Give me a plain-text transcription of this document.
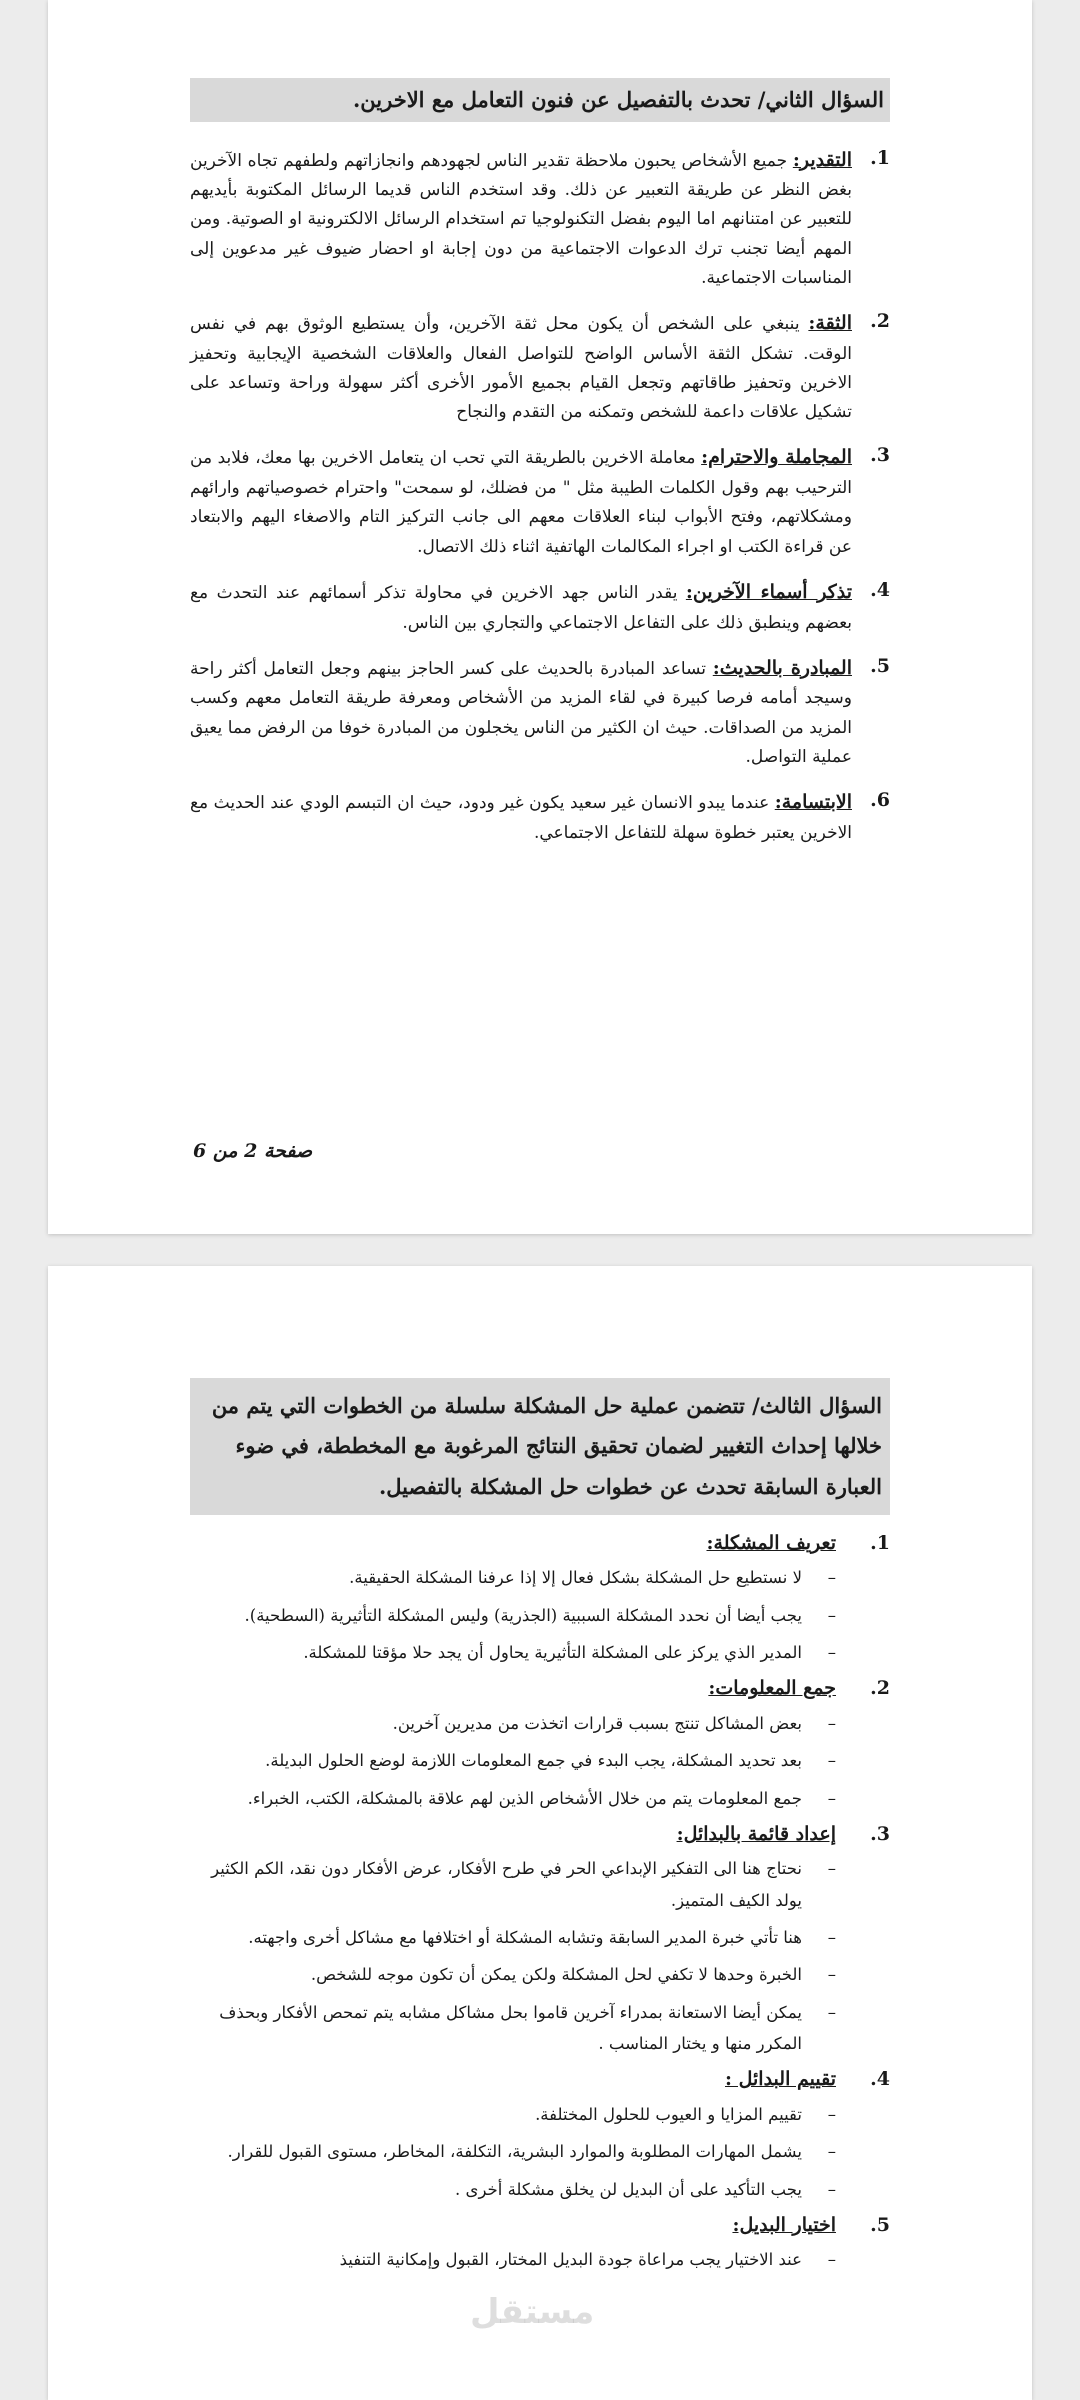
السؤال الثاني/ تحدث بالتفصيل عن فنون التعامل مع الاخرين.
1.
التقدير: جميع الأشخاص يحبون ملاحظة تقدير الناس لجهودهم وانجازاتهم ولطفهم تجاه الآخرين بغض النظر عن طريقة التعبير عن ذلك. وقد استخدم الناس قديما الرسائل المكتوبة بأيديهم للتعبير عن امتنانهم اما اليوم بفضل التكنولوجيا تم استخدام الرسائل الالكترونية او الصوتية. ومن المهم أيضا تجنب ترك الدعوات الاجتماعية من دون إجابة او احضار ضيوف غير مدعوين إلى المناسبات الاجتماعية.
2.
الثقة: ينبغي على الشخص أن يكون محل ثقة الآخرين، وأن يستطيع الوثوق بهم في نفس الوقت. تشكل الثقة الأساس الواضح للتواصل الفعال والعلاقات الشخصية الإيجابية وتحفيز الاخرين وتحفيز طاقاتهم وتجعل القيام بجميع الأمور الأخرى أكثر سهولة وراحة وتساعد على تشكيل علاقات داعمة للشخص وتمكنه من التقدم والنجاح
3.
المجاملة والاحترام: معاملة الاخرين بالطريقة التي تحب ان يتعامل الاخرين بها معك، فلابد من الترحيب بهم وقول الكلمات الطيبة مثل " من فضلك، لو سمحت" واحترام خصوصياتهم وارائهم ومشكلاتهم، وفتح الأبواب لبناء العلاقات معهم الى جانب التركيز التام والاصغاء اليهم والابتعاد عن قراءة الكتب او اجراء المكالمات الهاتفية اثناء ذلك الاتصال.
4.
تذكر أسماء الآخرين: يقدر الناس جهد الاخرين في محاولة تذكر أسمائهم عند التحدث مع بعضهم وينطبق ذلك على التفاعل الاجتماعي والتجاري بين الناس.
5.
المبادرة بالحديث: تساعد المبادرة بالحديث على كسر الحاجز بينهم وجعل التعامل أكثر راحة وسيجد أمامه فرصا كبيرة في لقاء المزيد من الأشخاص ومعرفة طريقة التعامل معهم وكسب المزيد من الصداقات. حيث ان الكثير من الناس يخجلون من المبادرة خوفا من الرفض مما يعيق عملية التواصل.
6.
الابتسامة: عندما يبدو الانسان غير سعيد يكون غير ودود، حيث ان التبسم الودي عند الحديث مع الاخرين يعتبر خطوة سهلة للتفاعل الاجتماعي.
صفحة 2 من 6
السؤال الثالث/ تتضمن عملية حل المشكلة سلسلة من الخطوات التي يتم من خلالها إحداث التغيير لضمان تحقيق النتائج المرغوبة مع المخططة، في ضوء العبارة السابقة تحدث عن خطوات حل المشكلة بالتفصيل.
1.
تعريف المشكلة:
–
لا نستطيع حل المشكلة بشكل فعال إلا إذا عرفنا المشكلة الحقيقية.
–
يجب أيضا أن نحدد المشكلة السببية (الجذرية) وليس المشكلة التأثيرية (السطحية).
–
المدير الذي يركز على المشكلة التأثيرية يحاول أن يجد حلا مؤقتا للمشكلة.
2.
جمع المعلومات:
–
بعض المشاكل تنتج بسبب قرارات اتخذت من مديرين آخرين.
–
بعد تحديد المشكلة، يجب البدء في جمع المعلومات اللازمة لوضع الحلول البديلة.
–
جمع المعلومات يتم من خلال الأشخاص الذين لهم علاقة بالمشكلة، الكتب، الخبراء.
3.
إعداد قائمة بالبدائل:
–
نحتاج هنا الى التفكير الإبداعي الحر في طرح الأفكار، عرض الأفكار دون نقد، الكم الكثير يولد الكيف المتميز.
–
هنا تأتي خبرة المدير السابقة وتشابه المشكلة أو اختلافها مع مشاكل أخرى واجهته.
–
الخبرة وحدها لا تكفي لحل المشكلة ولكن يمكن أن تكون موجه للشخص.
–
يمكن أيضا الاستعانة بمدراء آخرين قاموا بحل مشاكل مشابه يتم تمحص الأفكار وبحذف المكرر منها و يختار المناسب .
4.
تقييم البدائل :
–
تقييم المزايا و العيوب للحلول المختلفة.
–
يشمل المهارات المطلوبة والموارد البشرية، التكلفة، المخاطر، مستوى القبول للقرار.
–
يجب التأكيد على أن البديل لن يخلق مشكلة أخرى .
5.
اختيار البديل:
–
عند الاختيار يجب مراعاة جودة البديل المختار، القبول وإمكانية التنفيذ
مستقل
